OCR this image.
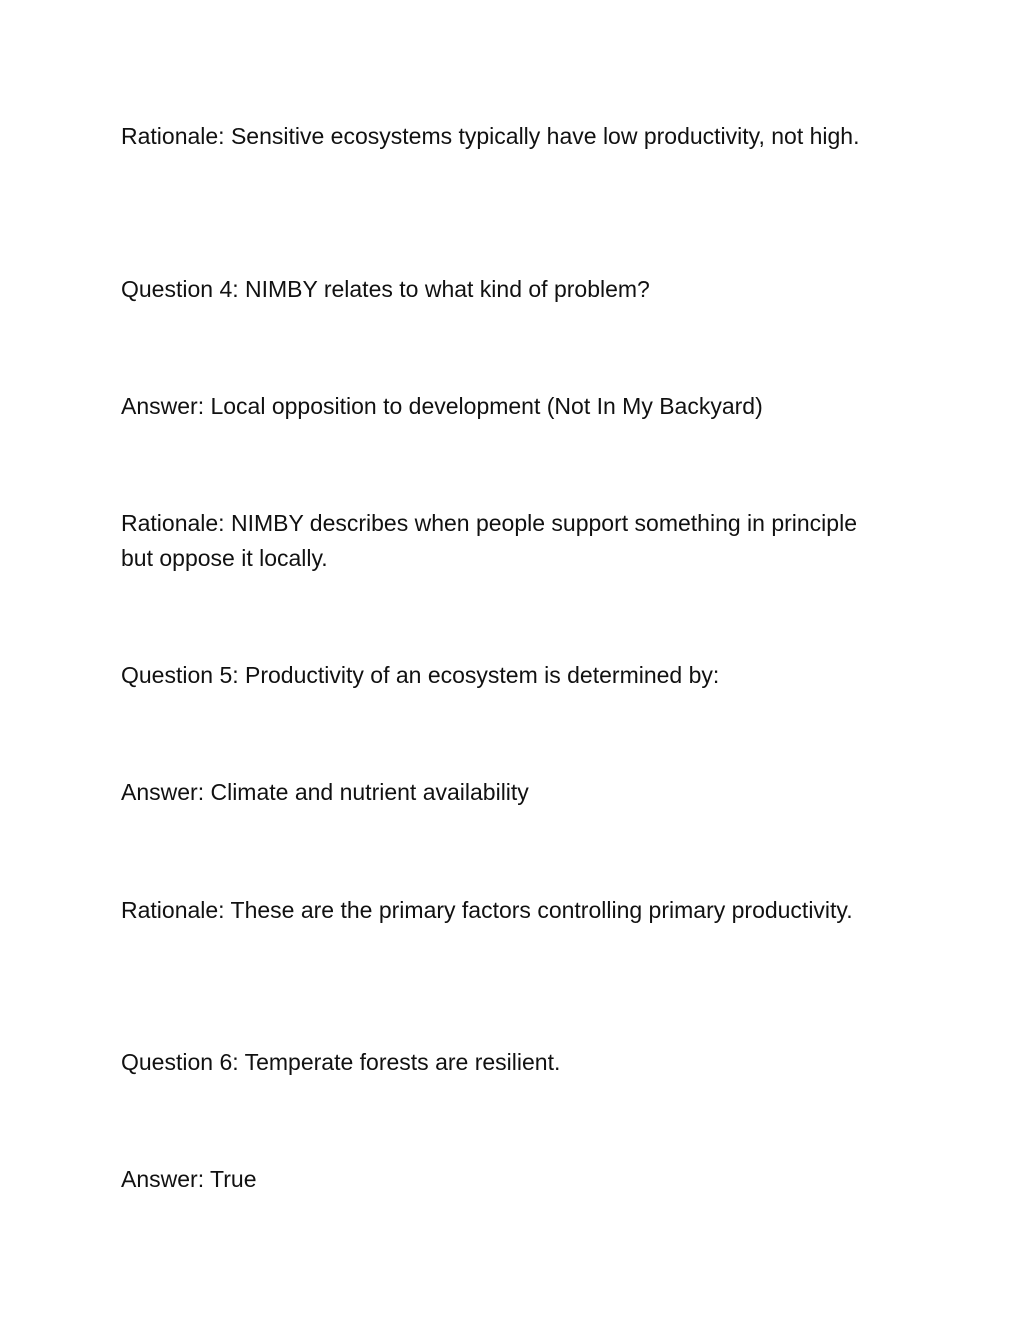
Rationale: Sensitive ecosystems typically have low productivity, not high.

Question 4: NIMBY relates to what kind of problem?

Answer: Local opposition to development (Not In My Backyard)

Rationale: NIMBY describes when people support something in principle but oppose it locally.

Question 5: Productivity of an ecosystem is determined by:

Answer: Climate and nutrient availability

Rationale: These are the primary factors controlling primary productivity.

Question 6: Temperate forests are resilient.

Answer: True
